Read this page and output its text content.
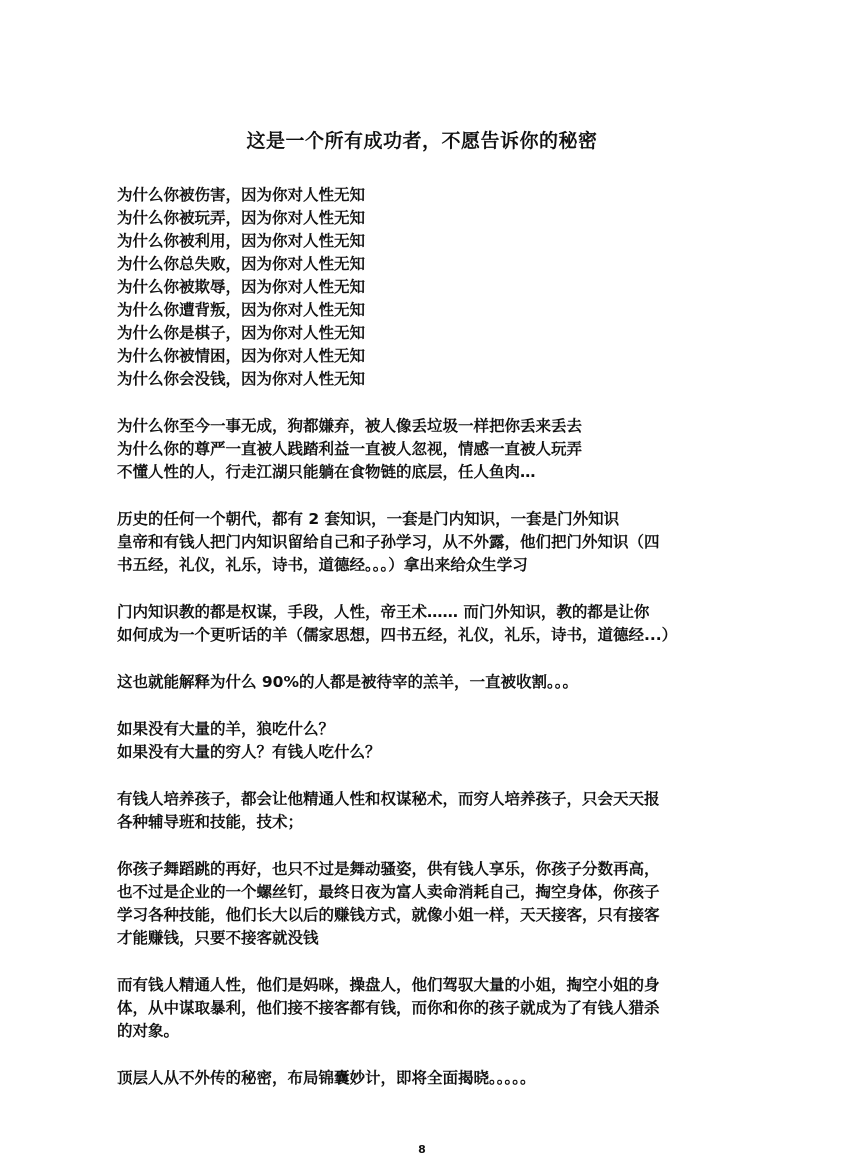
这是一个所有成功者，不愿告诉你的秘密
为什么你被伤害，因为你对人性无知
为什么你被玩弄，因为你对人性无知
为什么你被利用，因为你对人性无知
为什么你总失败，因为你对人性无知
为什么你被欺辱，因为你对人性无知
为什么你遭背叛，因为你对人性无知
为什么你是棋子，因为你对人性无知
为什么你被情困，因为你对人性无知
为什么你会没钱，因为你对人性无知
为什么你至今一事无成，狗都嫌弃，被人像丢垃圾一样把你丢来丢去
为什么你的尊严一直被人践踏利益一直被人忽视，情感一直被人玩弄
不懂人性的人，行走江湖只能躺在食物链的底层，任人鱼肉…
历史的任何一个朝代，都有 2 套知识，一套是门内知识，一套是门外知识
皇帝和有钱人把门内知识留给自己和子孙学习，从不外露，他们把门外知识（四
书五经，礼仪，礼乐，诗书，道德经。。。）拿出来给众生学习
门内知识教的都是权谋，手段，人性，帝王术…… 而门外知识，教的都是让你
如何成为一个更听话的羊（儒家思想，四书五经，礼仪，礼乐，诗书，道德经...）
这也就能解释为什么 90%的人都是被待宰的羔羊，一直被收割。。。
如果没有大量的羊，狼吃什么？
如果没有大量的穷人？有钱人吃什么？
有钱人培养孩子，都会让他精通人性和权谋秘术，而穷人培养孩子，只会天天报
各种辅导班和技能，技术；
你孩子舞蹈跳的再好，也只不过是舞动骚姿，供有钱人享乐，你孩子分数再高，
也不过是企业的一个螺丝钉，最终日夜为富人卖命消耗自己，掏空身体，你孩子
学习各种技能，他们长大以后的赚钱方式，就像小姐一样，天天接客，只有接客
才能赚钱，只要不接客就没钱
而有钱人精通人性，他们是妈咪，操盘人，他们驾驭大量的小姐，掏空小姐的身
体，从中谋取暴利，他们接不接客都有钱，而你和你的孩子就成为了有钱人猎杀
的对象。
顶层人从不外传的秘密，布局锦囊妙计，即将全面揭晓。。。。。
8
